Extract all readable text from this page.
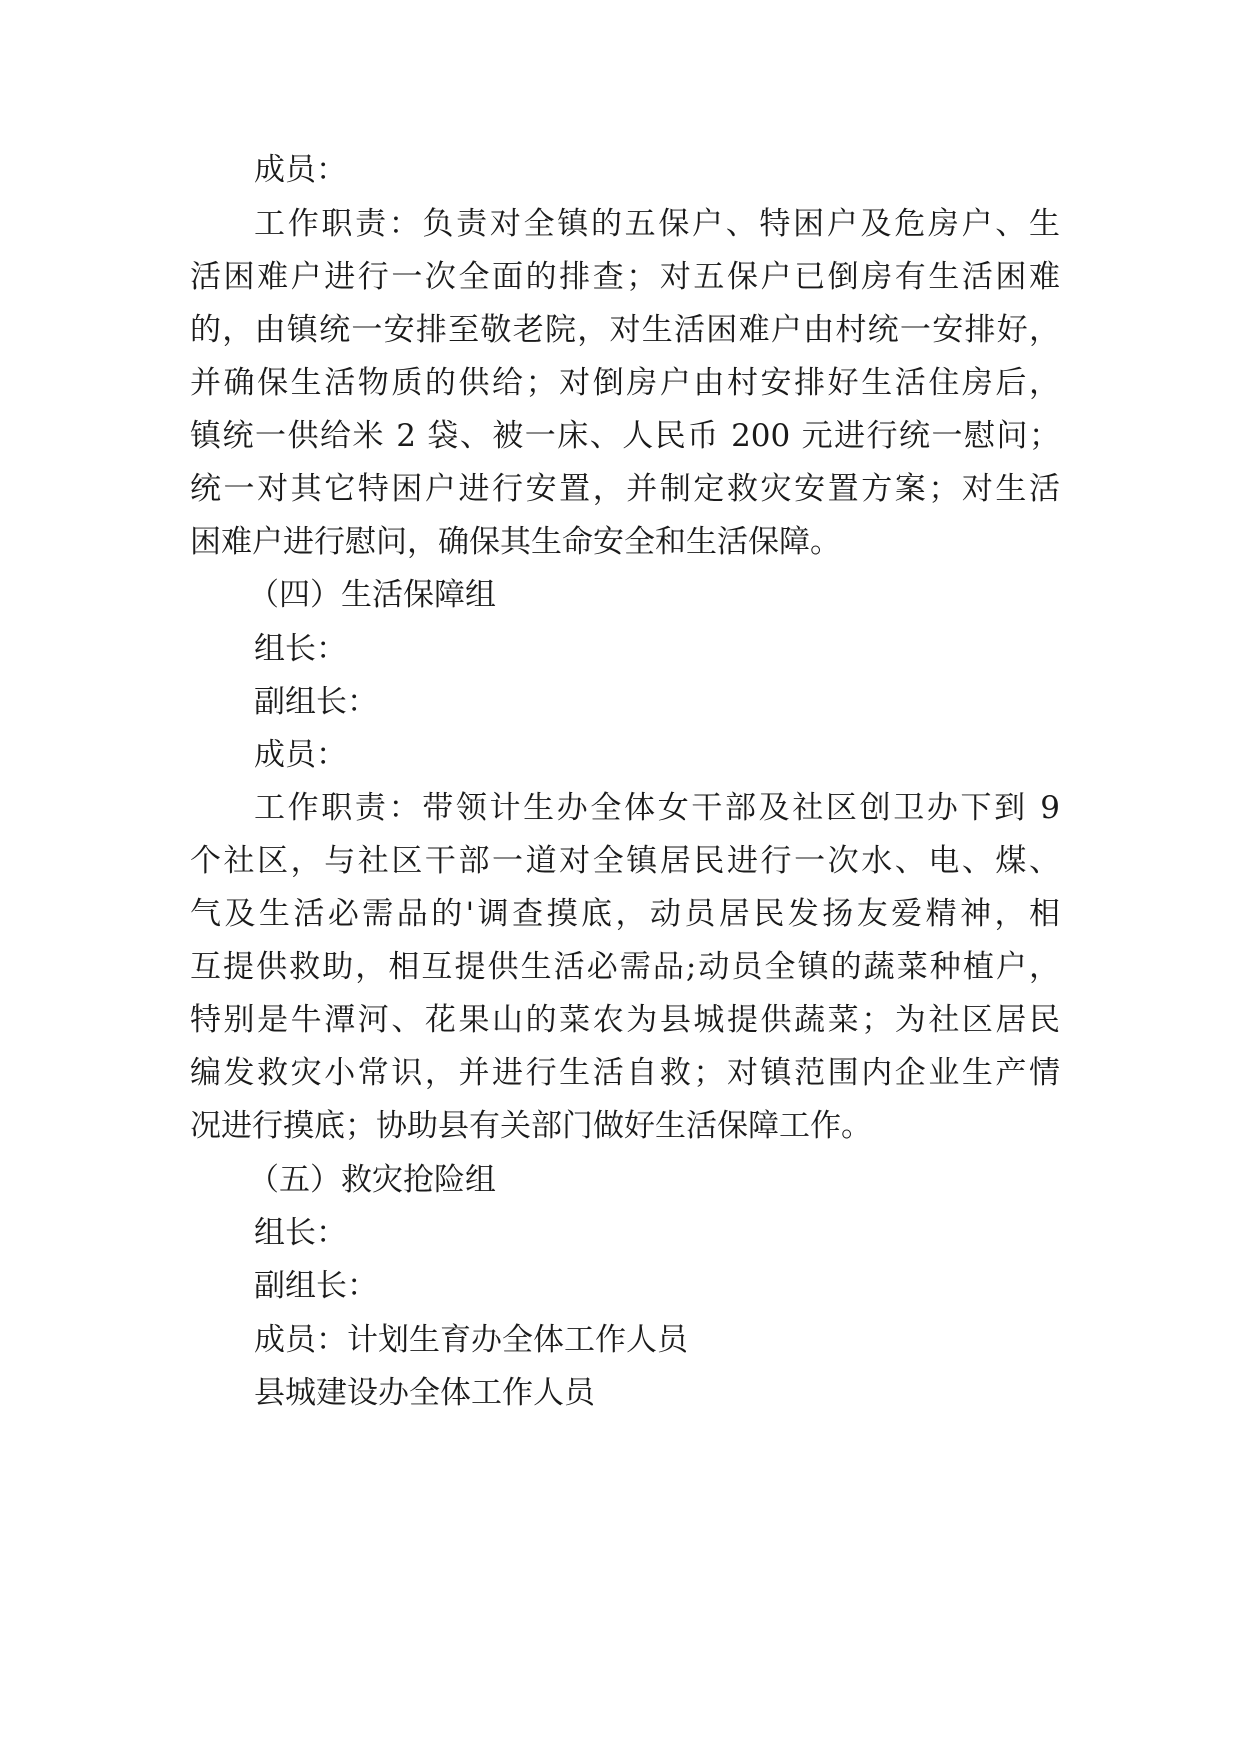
成员：
工作职责：负责对全镇的五保户、特困户及危房户、生
活困难户进行一次全面的排查；对五保户已倒房有生活困难
的，由镇统一安排至敬老院，对生活困难户由村统一安排好，
并确保生活物质的供给；对倒房户由村安排好生活住房后，
镇统一供给米 2 袋、被一床、人民币 200 元进行统一慰问；
统一对其它特困户进行安置，并制定救灾安置方案；对生活
困难户进行慰问，确保其生命安全和生活保障。
（四）生活保障组
组长：
副组长：
成员：
工作职责：带领计生办全体女干部及社区创卫办下到 9
个社区，与社区干部一道对全镇居民进行一次水、电、煤、
气及生活必需品的'调查摸底，动员居民发扬友爱精神，相
互提供救助，相互提供生活必需品;动员全镇的蔬菜种植户，
特别是牛潭河、花果山的菜农为县城提供蔬菜；为社区居民
编发救灾小常识，并进行生活自救；对镇范围内企业生产情
况进行摸底；协助县有关部门做好生活保障工作。
（五）救灾抢险组
组长：
副组长：
成员：计划生育办全体工作人员
县城建设办全体工作人员
